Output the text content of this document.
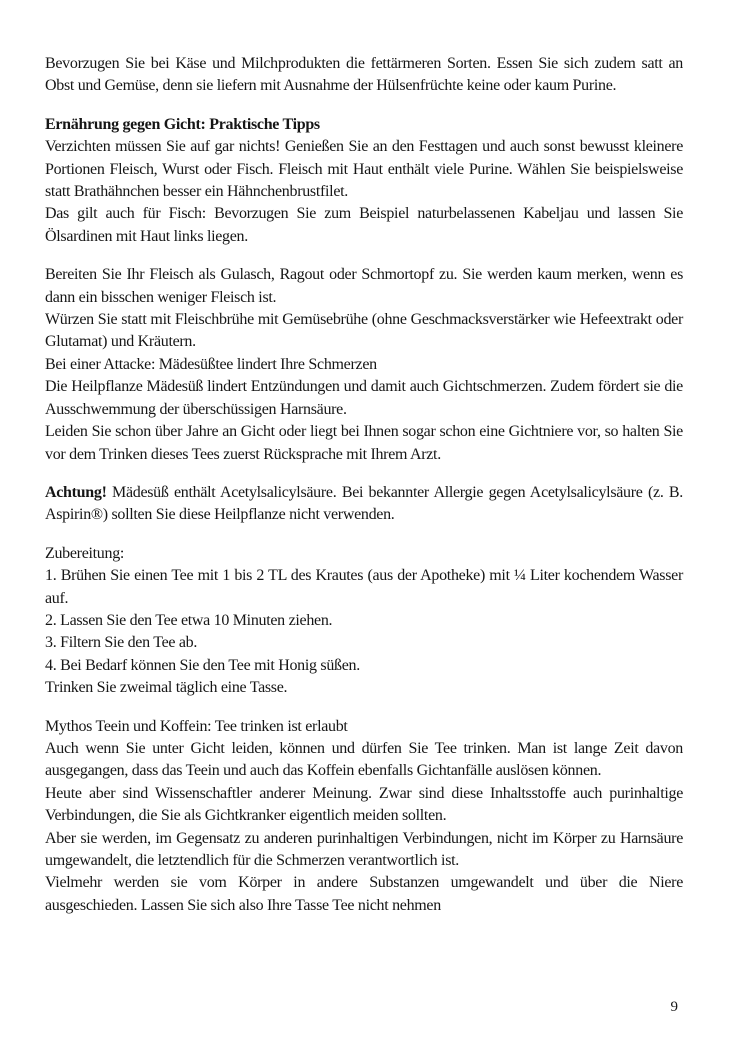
Bevorzugen Sie bei Käse und Milchprodukten die fettärmeren Sorten. Essen Sie sich zudem satt an Obst und Gemüse, denn sie liefern mit Ausnahme der Hülsenfrüchte keine oder kaum Purine.
Ernährung gegen Gicht: Praktische Tipps
Verzichten müssen Sie auf gar nichts! Genießen Sie an den Festtagen und auch sonst bewusst kleinere Portionen Fleisch, Wurst oder Fisch. Fleisch mit Haut enthält viele Purine. Wählen Sie beispielsweise statt Brathähnchen besser ein Hähnchenbrustfilet.
Das gilt auch für Fisch: Bevorzugen Sie zum Beispiel naturbelassenen Kabeljau und lassen Sie Ölsardinen mit Haut links liegen.
Bereiten Sie Ihr Fleisch als Gulasch, Ragout oder Schmortopf zu. Sie werden kaum merken, wenn es dann ein bisschen weniger Fleisch ist.
Würzen Sie statt mit Fleischbrühe mit Gemüsebrühe (ohne Geschmacksverstärker wie Hefeextrakt oder Glutamat) und Kräutern.
Bei einer Attacke: Mädesüßtee lindert Ihre Schmerzen
Die Heilpflanze Mädesüß lindert Entzündungen und damit auch Gichtschmerzen. Zudem fördert sie die Ausschwemmung der überschüssigen Harnsäure.
Leiden Sie schon über Jahre an Gicht oder liegt bei Ihnen sogar schon eine Gichtniere vor, so halten Sie vor dem Trinken dieses Tees zuerst Rücksprache mit Ihrem Arzt.
Achtung! Mädesüß enthält Acetylsalicylsäure. Bei bekannter Allergie gegen Acetylsalicylsäure (z. B. Aspirin®) sollten Sie diese Heilpflanze nicht verwenden.
Zubereitung:
1. Brühen Sie einen Tee mit 1 bis 2 TL des Krautes (aus der Apotheke) mit ¼ Liter kochendem Wasser auf.
2. Lassen Sie den Tee etwa 10 Minuten ziehen.
3. Filtern Sie den Tee ab.
4. Bei Bedarf können Sie den Tee mit Honig süßen.
Trinken Sie zweimal täglich eine Tasse.
Mythos Teein und Koffein: Tee trinken ist erlaubt
Auch wenn Sie unter Gicht leiden, können und dürfen Sie Tee trinken. Man ist lange Zeit davon ausgegangen, dass das Teein und auch das Koffein ebenfalls Gichtanfälle auslösen können.
Heute aber sind Wissenschaftler anderer Meinung. Zwar sind diese Inhaltsstoffe auch purinhaltige Verbindungen, die Sie als Gichtkranker eigentlich meiden sollten.
Aber sie werden, im Gegensatz zu anderen purinhaltigen Verbindungen, nicht im Körper zu Harnsäure umgewandelt, die letztendlich für die Schmerzen verantwortlich ist.
Vielmehr werden sie vom Körper in andere Substanzen umgewandelt und über die Niere ausgeschieden. Lassen Sie sich also Ihre Tasse Tee nicht nehmen
9
